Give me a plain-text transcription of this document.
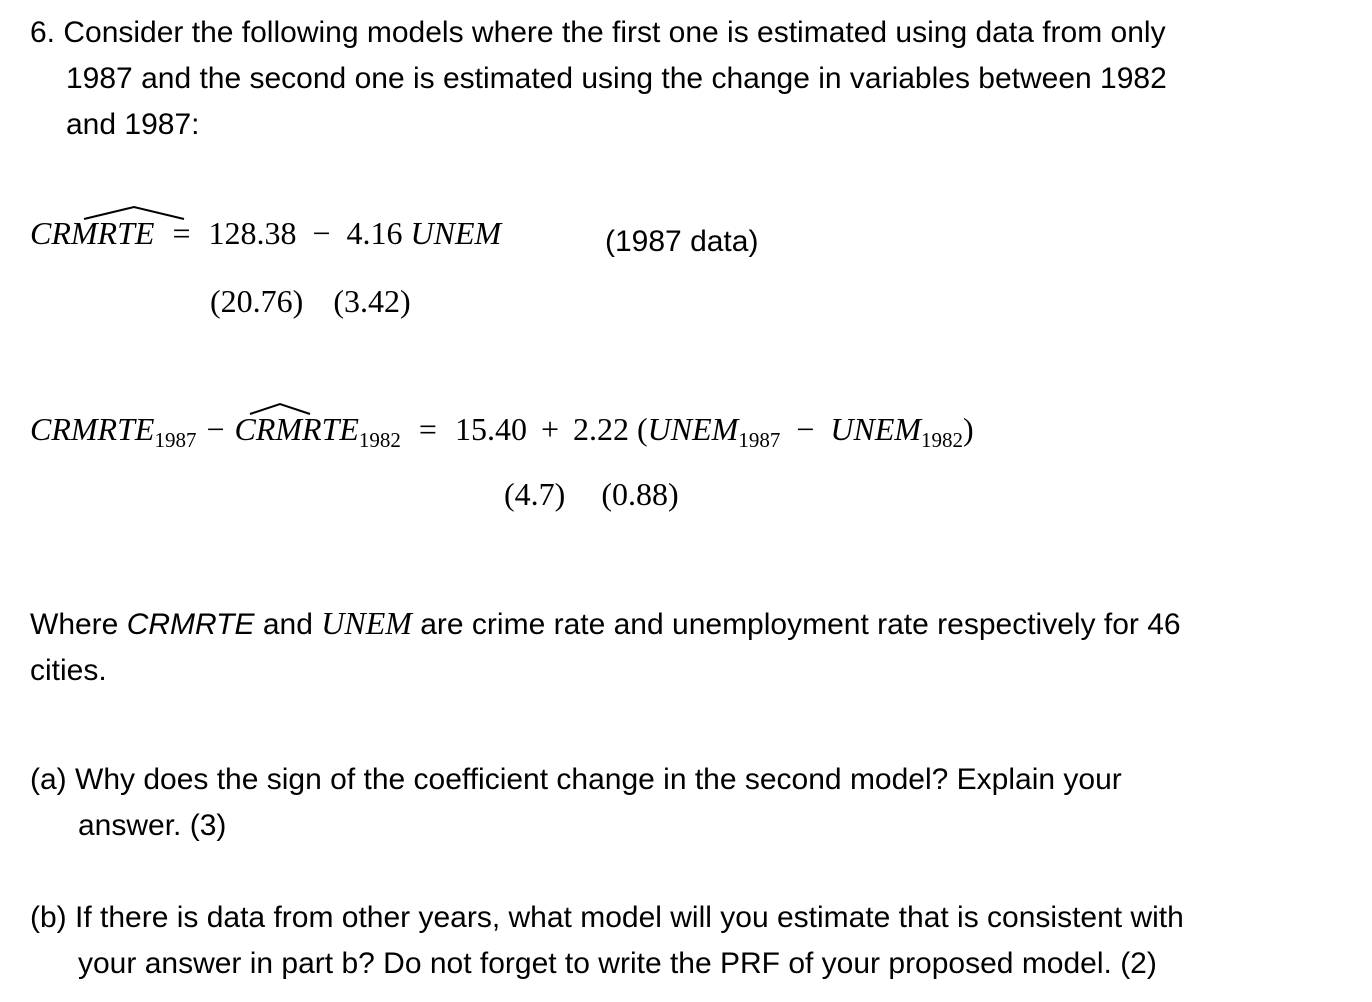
6. Consider the following models where the first one is estimated using data from only
1987 and the second one is estimated using the change in variables between 1982
and 1987:
CRMRTE = 128.38 − 4.16 UNEM	(1987 data)
(20.76) (3.42)
$CRMRTE_{1987}$ − $CRMRTE_{1982} = 15.40 + 2.22$ ($UNEM_{1987}$ − $UNEM_{1982}$)
(4.7) (0.88)
Where CRMRTE and UNEM are crime rate and unemployment rate respectively for 46
cities.
(a) Why does the sign of the coefficient change in the second model? Explain your
answer. (3)
(b) If there is data from other years, what model will you estimate that is consistent with
your answer in part b? Do not forget to write the PRF of your proposed model. (2)
